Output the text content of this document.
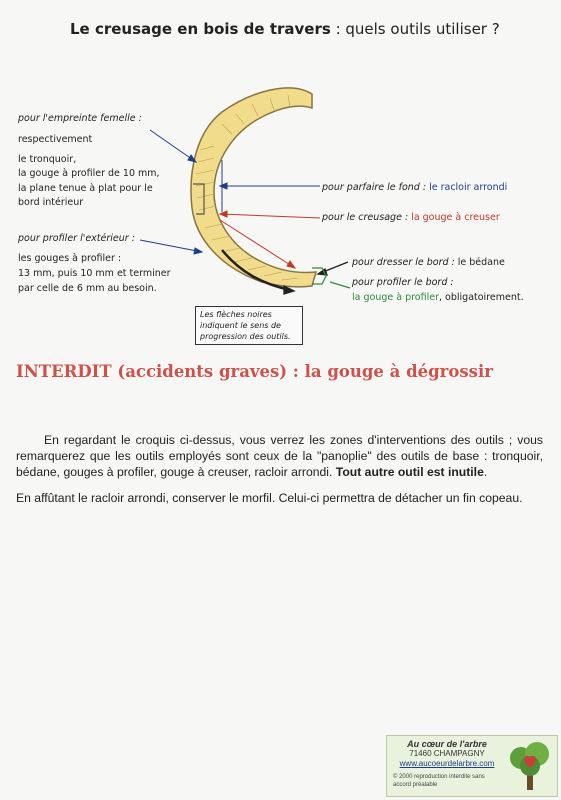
Le creusage en bois de travers : quels outils utiliser ?
pour l'empreinte femelle :
respectivement
le tronquoir,
la gouge à profiler de 10 mm,
la plane tenue à plat pour le
bord intérieur
pour profiler l'extérieur :
les gouges à profiler :
13 mm, puis 10 mm et terminer
par celle de 6 mm au besoin.
pour parfaire le fond : le racloir arrondi
pour le creusage : la gouge à creuser
pour dresser le bord : le bédane
pour profiler le bord :
la gouge à profiler, obligatoirement.
Les flèches noires
indiquent le sens de
progression des outils.
INTERDIT (accidents graves) : la gouge à dégrossir
En regardant le croquis ci-dessus, vous verrez les zones d'interventions des outils ; vous remarquerez que les outils employés sont ceux de la "panoplie" des outils de base : tronquoir, bédane, gouges à profiler, gouge à creuser, racloir arrondi. Tout autre outil est inutile.
En affûtant le racloir arrondi, conserver le morfil. Celui-ci permettra de détacher un fin copeau.
Au cœur de l'arbre
71460 CHAMPAGNY
www.aucoeurdelarbre.com
© 2000 reproduction interdite sans accord préalable
